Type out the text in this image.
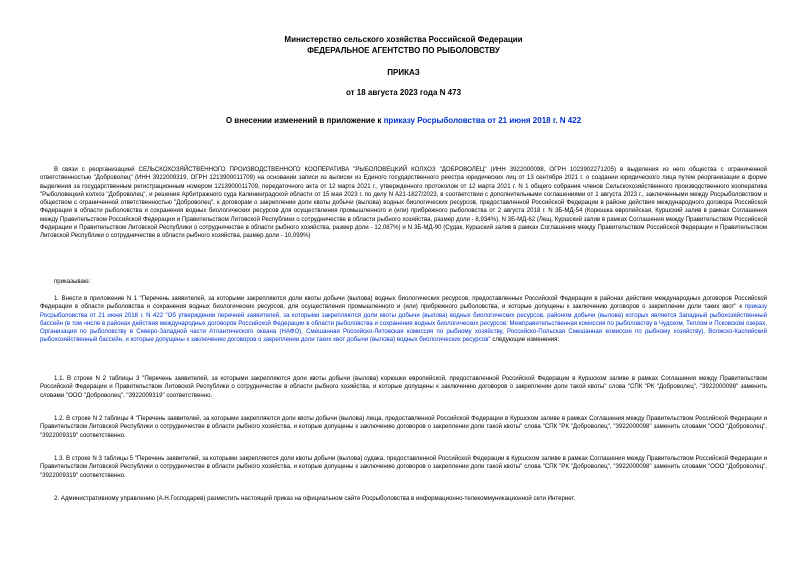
Министерство сельского хозяйства Российской Федерации
ФЕДЕРАЛЬНОЕ АГЕНТСТВО ПО РЫБОЛОВСТВУ
ПРИКАЗ
от 18 августа 2023 года N 473
О внесении изменений в приложение к приказу Росрыболовства от 21 июня 2018 г. N 422
В связи с реорганизацией СЕЛЬСКОХОЗЯЙСТВЕННОГО ПРОИЗВОДСТВЕННОГО КООПЕРАТИВА "РЫБОЛОВЕЦКИЙ КОЛХОЗ "ДОБРОВОЛЕЦ" (ИНН 3922000098, ОГРН 1023902271205) в выделения из него общества с ограниченной ответственностью "Доброволец" (ИНН 3922009319, ОГРН 1213900011709) на основании записи из выписки из Единого государственного реестра юридических лиц от 13 сентября 2021 г. о создании юридического лица путем реорганизации в форме выделения за государственным регистрационным номером 1213900011709, передаточного акта от 12 марта 2021 г., утвержденного протоколом от 12 марта 2021 г. N 1 общего собрания членов Сельскохозяйственного производственного кооператива "Рыболовецкий колхоз "Доброволец", и решения Арбитражного суда Калининградской области от 15 мая 2023 г. по делу N А21-1827/2023, в соответствии с дополнительными соглашениями от 1 августа 2023 г., заключенными между Росрыболовством и обществом с ограниченной ответственностью "Доброволец", к договорам о закреплении доли квоты добычи (вылова) водных биологических ресурсов, предоставленной Российской Федерации в районе действия международного договора Российской Федерации в области рыболовства и сохранения водных биологических ресурсов для осуществления промышленного и (или) прибрежного рыболовства от 2 августа 2018 г. N 3Б-МД-54 (Корюшка европейская, Куршский залив в рамках Соглашения между Правительством Российской Федерации и Правительством Литовской Республики о сотрудничестве в области рыбного хозяйства, размер доли - 8,934%), N 3Б-МД-62 (Лещ, Куршский залив в рамках Соглашения между Правительством Российской Федерации и Правительством Литовской Республики о сотрудничестве в области рыбного хозяйства, размер доли - 12,087%) и N 3Б-МД-90 (Судак, Куршский залив в рамках Соглашения между Правительством Российской Федерации и Правительством Литовской Республики о сотрудничестве в области рыбного хозяйства, размер доли - 10,099%)
приказываю:
1. Внести в приложение N 1 "Перечень заявителей, за которыми закрепляются доли квоты добычи (вылова) водных биологических ресурсов, предоставленных Российской Федерации в районах действия международных договоров Российской Федерации в области рыболовства и сохранения водных биологических ресурсов, для осуществления промышленного и (или) прибрежного рыболовства, и которые допущены к заключению договоров о закреплении доли таких квот" к приказу Росрыболовства от 21 июня 2018 г. N 422 "Об утверждении перечней заявителей, за которыми закрепляются доли квоты добычи (вылова) водных биологических ресурсов, районом добычи (вылова) которых является Западный рыбохозяйственный бассейн (в том числе в районах действия международных договоров Российской Федерации в области рыболовства и сохранения водных биологических ресурсов: Межправительственная комиссия по рыболовству в Чудском, Теплом и Псковском озерах, Организация по рыболовству в Северо-Западной части Атлантического океана (НАФО), Смешанная Российско-Литовская комиссия по рыбному хозяйству, Российско-Польская Смешанная комиссия по рыбному хозяйству), Волжско-Каспийский рыбохозяйственный бассейн, и которые допущены к заключению договоров о закреплении доли таких квот добычи (вылова) водных биологических ресурсов" следующие изменения:
1.1. В строке N 2 таблицы 3 "Перечень заявителей, за которыми закрепляются доли квоты добычи (вылова) корюшки европейской, предоставленной Российской Федерации в Куршском заливе в рамках Соглашения между Правительством Российской Федерации и Правительством Литовской Республики о сотрудничестве в области рыбного хозяйства, и которые допущены к заключению договоров о закреплении доли такой квоты" слова "СПК "РК "Доброволец", "3922000098" заменить словами "ООО "Доброволец", "3922009319" соответственно.
1.2. В строке N 2 таблицы 4 "Перечень заявителей, за которыми закрепляются доли квоты добычи (вылова) леща, предоставленной Российской Федерации в Куршском заливе в рамках Соглашения между Правительством Российской Федерации и Правительством Литовской Республики о сотрудничестве в области рыбного хозяйства, и которые допущены к заключению договоров о закреплении доли такой квоты" слова "СПК "РК "Доброволец", "3922000098" заменить словами "ООО "Доброволец", "3922009319" соответственно.
1.3. В строке N 3 таблицы 5 "Перечень заявителей, за которыми закрепляются доли квоты добычи (вылова) судака, предоставленной Российской Федерации в Куршском заливе в рамках Соглашения между Правительством Российской Федерации и Правительством Литовской Республики о сотрудничестве в области рыбного хозяйства, и которые допущены к заключению договоров о закреплении доли такой квоты" слова "СПК "РК "Доброволец", "3922000098" заменить словами "ООО "Доброволец", "3922009319" соответственно.
2. Административному управлению (А.Н.Господарев) разместить настоящий приказ на официальном сайте Росрыболовства в информационно-телекоммуникационной сети Интернет.
